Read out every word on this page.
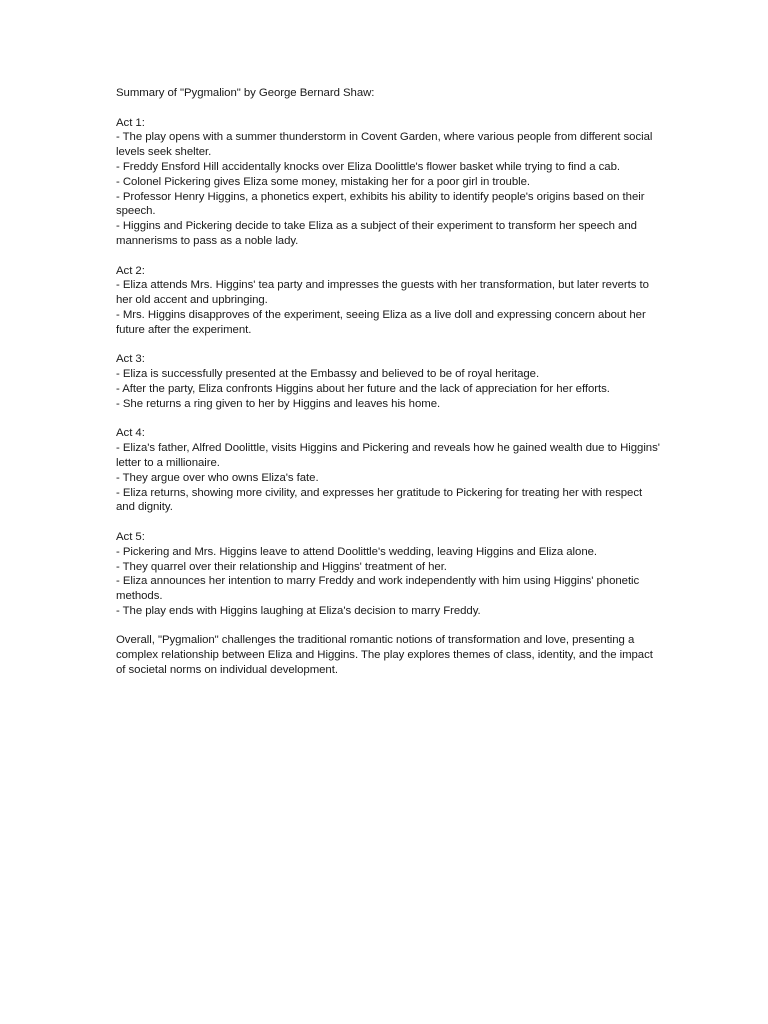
Summary of "Pygmalion" by George Bernard Shaw:

Act 1:

- The play opens with a summer thunderstorm in Covent Garden, where various people from different social levels seek shelter.

- Freddy Ensford Hill accidentally knocks over Eliza Doolittle's flower basket while trying to find a cab.

- Colonel Pickering gives Eliza some money, mistaking her for a poor girl in trouble.

- Professor Henry Higgins, a phonetics expert, exhibits his ability to identify people's origins based on their speech.

- Higgins and Pickering decide to take Eliza as a subject of their experiment to transform her speech and mannerisms to pass as a noble lady.

Act 2:

- Eliza attends Mrs. Higgins' tea party and impresses the guests with her transformation, but later reverts to her old accent and upbringing.

- Mrs. Higgins disapproves of the experiment, seeing Eliza as a live doll and expressing concern about her future after the experiment.

Act 3:

- Eliza is successfully presented at the Embassy and believed to be of royal heritage.

- After the party, Eliza confronts Higgins about her future and the lack of appreciation for her efforts.

- She returns a ring given to her by Higgins and leaves his home.

Act 4:

- Eliza's father, Alfred Doolittle, visits Higgins and Pickering and reveals how he gained wealth due to Higgins' letter to a millionaire.

- They argue over who owns Eliza's fate.

- Eliza returns, showing more civility, and expresses her gratitude to Pickering for treating her with respect and dignity.

Act 5:

- Pickering and Mrs. Higgins leave to attend Doolittle's wedding, leaving Higgins and Eliza alone.

- They quarrel over their relationship and Higgins' treatment of her.

- Eliza announces her intention to marry Freddy and work independently with him using Higgins' phonetic methods.

- The play ends with Higgins laughing at Eliza's decision to marry Freddy.

Overall, "Pygmalion" challenges the traditional romantic notions of transformation and love, presenting a complex relationship between Eliza and Higgins. The play explores themes of class, identity, and the impact of societal norms on individual development.
